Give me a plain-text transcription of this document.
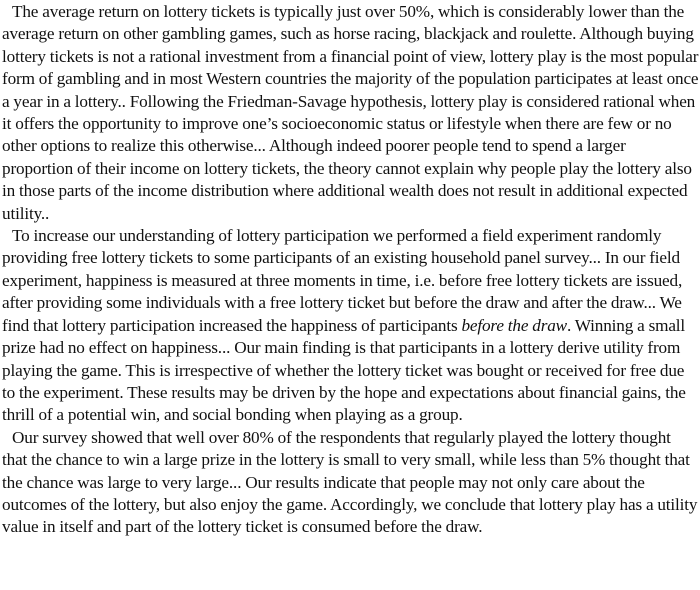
The average return on lottery tickets is typically just over 50%, which is considerably lower than the average return on other gambling games, such as horse racing, blackjack and roulette. Although buying lottery tickets is not a rational investment from a financial point of view, lottery play is the most popular form of gambling and in most Western countries the majority of the population participates at least once a year in a lottery.. Following the Friedman-Savage hypothesis, lottery play is considered rational when it offers the opportunity to improve one’s socioeconomic status or lifestyle when there are few or no other options to realize this otherwise... Although indeed poorer people tend to spend a larger proportion of their income on lottery tickets, the theory cannot explain why people play the lottery also in those parts of the income distribution where additional wealth does not result in additional expected utility..

To increase our understanding of lottery participation we performed a field experiment randomly providing free lottery tickets to some participants of an existing household panel survey... In our field experiment, happiness is measured at three moments in time, i.e. before free lottery tickets are issued, after providing some individuals with a free lottery ticket but before the draw and after the draw... We find that lottery participation increased the happiness of participants before the draw. Winning a small prize had no effect on happiness... Our main finding is that participants in a lottery derive utility from playing the game. This is irrespective of whether the lottery ticket was bought or received for free due to the experiment. These results may be driven by the hope and expectations about financial gains, the thrill of a potential win, and social bonding when playing as a group.

Our survey showed that well over 80% of the respondents that regularly played the lottery thought that the chance to win a large prize in the lottery is small to very small, while less than 5% thought that the chance was large to very large... Our results indicate that people may not only care about the outcomes of the lottery, but also enjoy the game. Accordingly, we conclude that lottery play has a utility value in itself and part of the lottery ticket is consumed before the draw.
